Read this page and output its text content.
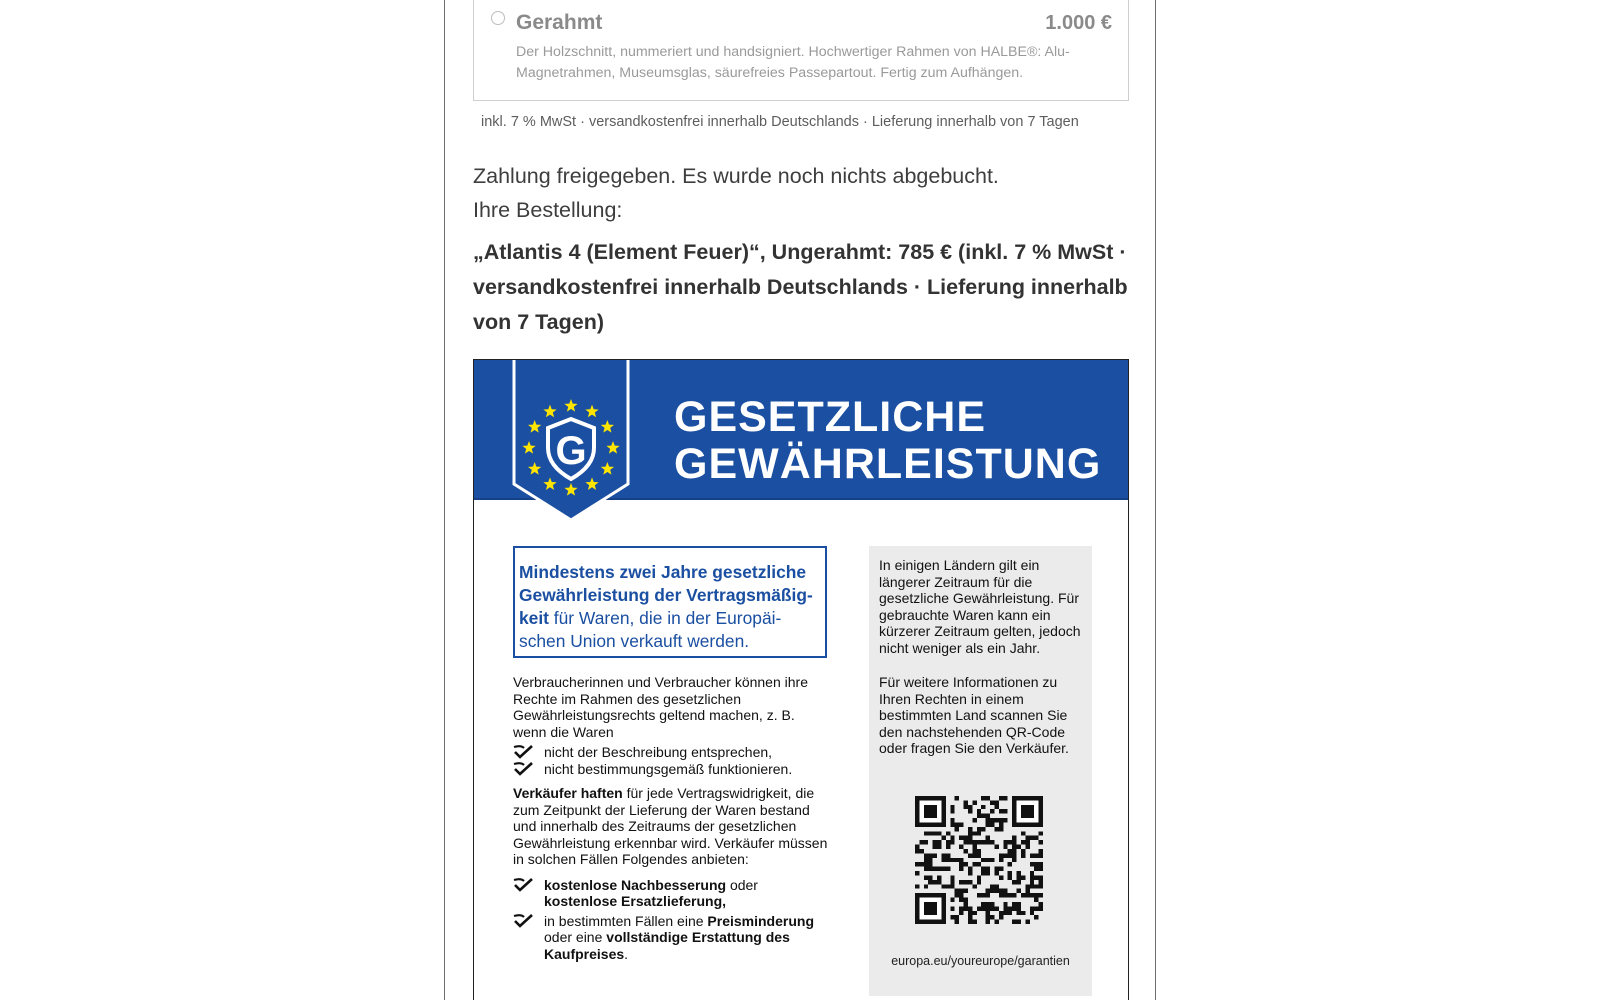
Gerahmt	1.000 €
Der Holzschnitt, nummeriert und handsigniert. Hochwertiger Rahmen von HALBE®: Alu-Magnetrahmen, Museumsglas, säurefreies Passepartout. Fertig zum Aufhängen.
inkl. 7 % MwSt · versandkostenfrei innerhalb Deutschlands · Lieferung innerhalb von 7 Tagen
Zahlung freigegeben. Es wurde noch nichts abgebucht.
Ihre Bestellung:
„Atlantis 4 (Element Feuer)“, Ungerahmt: 785 € (inkl. 7 % MwSt · versandkostenfrei innerhalb Deutschlands · Lieferung innerhalb von 7 Tagen)
G
GESETZLICHE
GEWÄHRLEISTUNG
Mindestens zwei Jahre gesetzliche Gewährleistung der Vertragsmäßigkeit für Waren, die in der Europäischen Union verkauft werden.

Verbraucherinnen und Verbraucher können ihre Rechte im Rahmen des gesetzlichen Gewährleistungsrechts geltend machen, z. B. wenn die Waren

nicht der Beschreibung entsprechen,
nicht bestimmungsgemäß funktionieren.

Verkäufer haften für jede Vertragswidrigkeit, die zum Zeitpunkt der Lieferung der Waren bestand und innerhalb des Zeitraums der gesetzlichen Gewährleistung erkennbar wird. Verkäufer müssen in solchen Fällen Folgendes anbieten:

kostenlose Nachbesserung oder kostenlose Ersatzlieferung,
in bestimmten Fällen eine Preisminderung oder eine vollständige Erstattung des Kaufpreises.

In einigen Ländern gilt ein längerer Zeitraum für die gesetzliche Gewährleistung. Für gebrauchte Waren kann ein kürzerer Zeitraum gelten, jedoch nicht weniger als ein Jahr.

Für weitere Informationen zu Ihren Rechten in einem bestimmten Land scannen Sie den nachstehenden QR-Code oder fragen Sie den Verkäufer.

europa.eu/youreurope/garantien
